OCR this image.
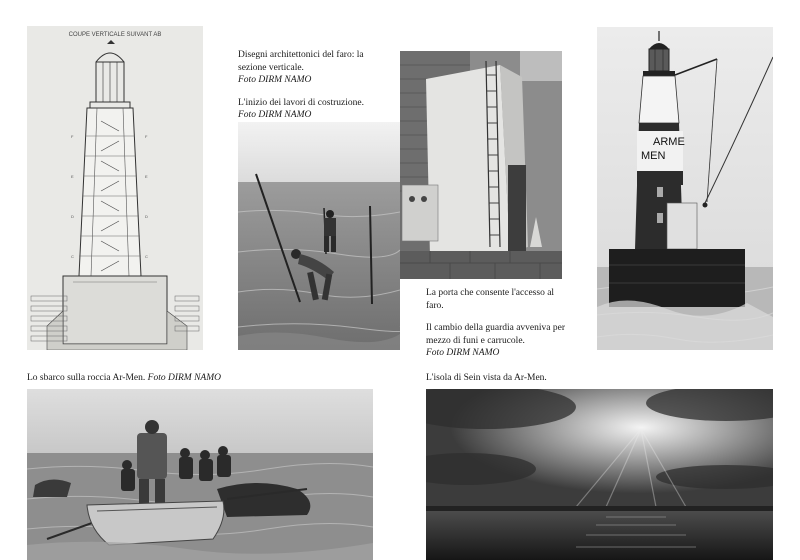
COUPE VERTICALE SUIVANT AB
F	F
E	E
D	D
C	C

Disegni architettonici del faro: la sezione verticale.

Foto DIRM NAMO

L'inizio dei lavori di costruzione.

Foto DIRM NAMO

La porta che consente l'accesso al faro.

Il cambio della guardia avveniva per mezzo di funi e carrucole.

Foto DIRM NAMO

ARME
MEN

Lo sbarco sulla roccia Ar-Men. Foto DIRM NAMO	L'isola di Sein vista da Ar-Men.
